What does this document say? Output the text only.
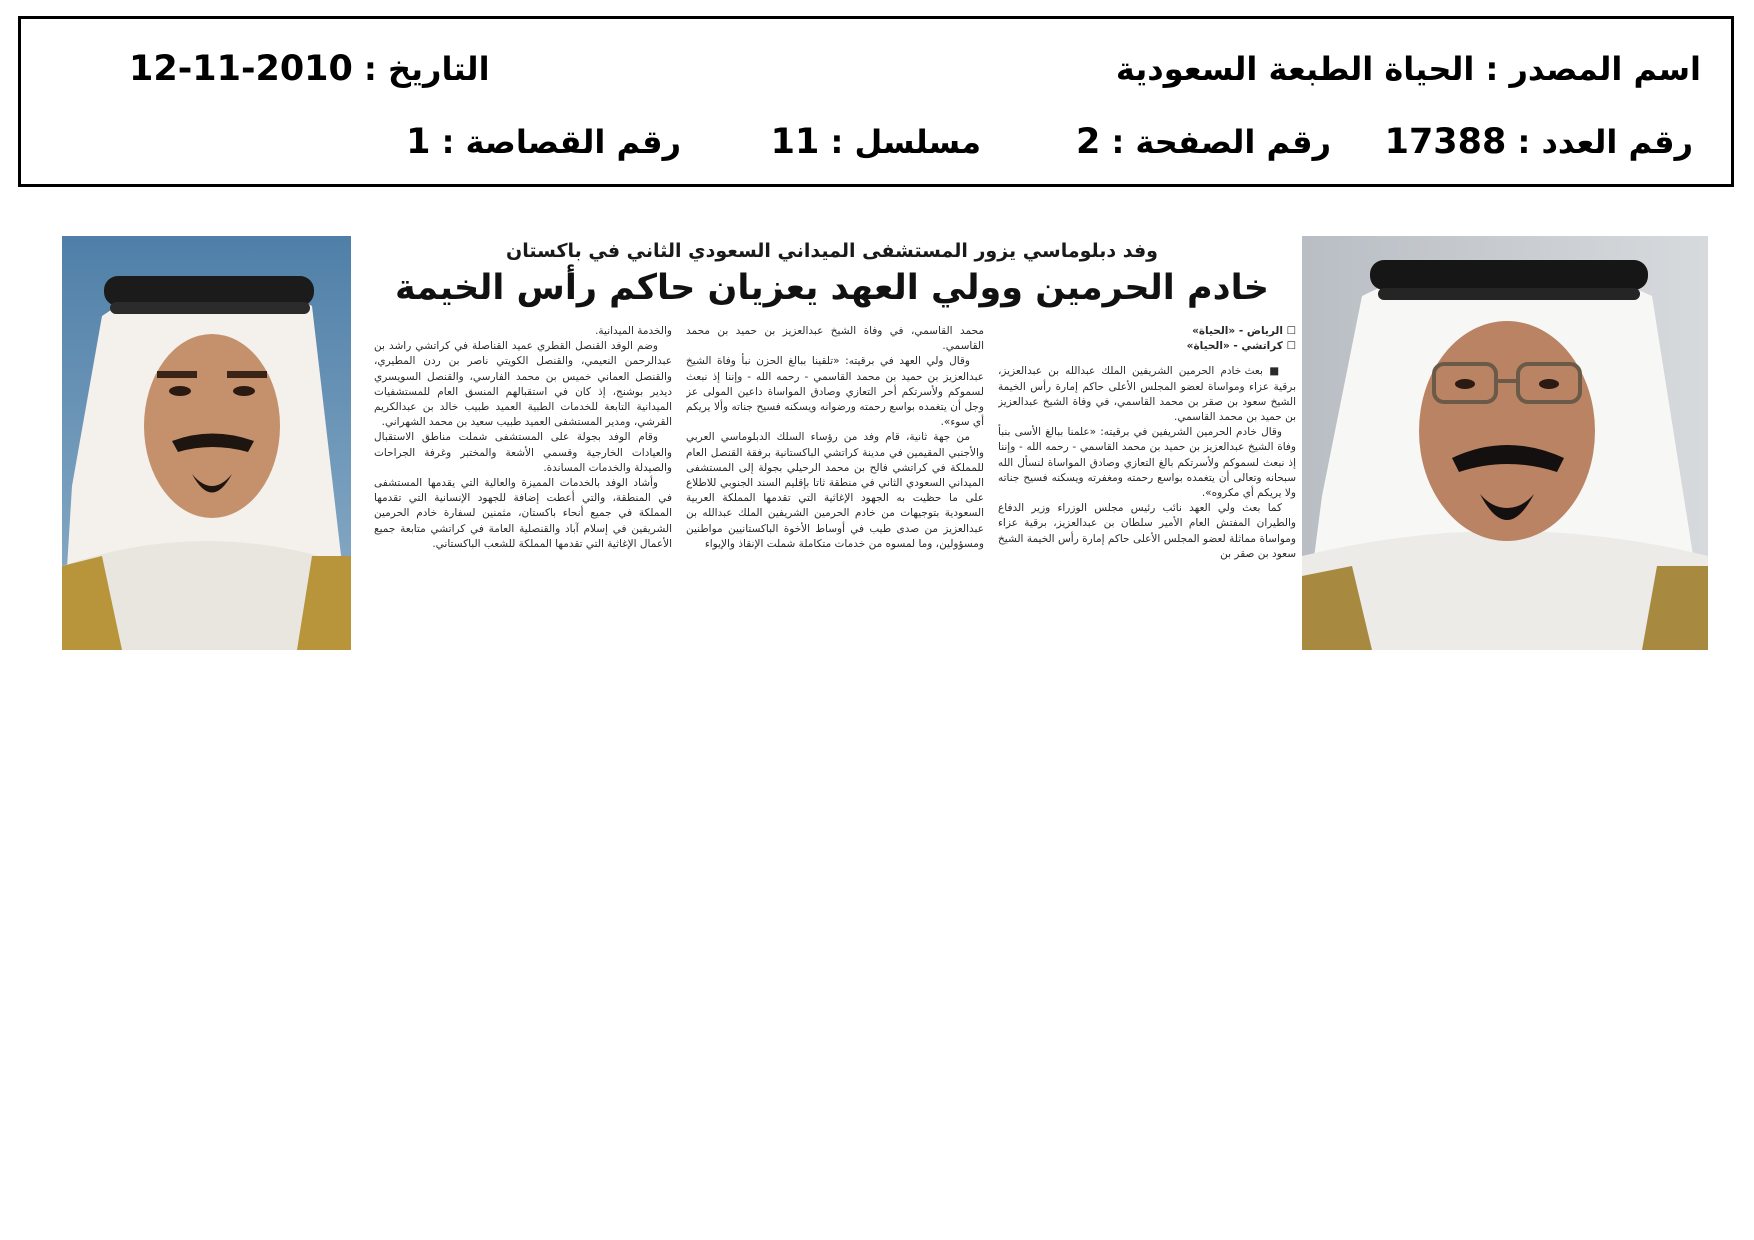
اسم المصدر : الحياة الطبعة السعودية
التاريخ : 12-11-2010
رقم العدد : 17388
رقم الصفحة : 2
مسلسل : 11
رقم القصاصة : 1
وفد دبلوماسي يزور المستشفى الميداني السعودي الثاني في باكستان
خادم الحرمين وولي العهد يعزيان حاكم رأس الخيمة

☐ الرياض - «الحياة»

☐ كراتشي - «الحياة»

■ بعث خادم الحرمين الشريفين الملك عبدالله بن عبدالعزيز، برقية عزاء ومواساة لعضو المجلس الأعلى حاكم إمارة رأس الخيمة الشيخ سعود بن صقر بن محمد القاسمي، في وفاة الشيخ عبدالعزيز بن حميد بن محمد القاسمي.

وقال خادم الحرمين الشريفين في برقيته: «علمنا ببالغ الأسى بنبأ وفاة الشيخ عبدالعزيز بن حميد بن محمد القاسمي - رحمه الله - وإننا إذ نبعث لسموكم ولأسرتكم بالغ التعازي وصادق المواساة لنسأل الله سبحانه وتعالى أن يتغمده بواسع رحمته ومغفرته ويسكنه فسيح جناته ولا يريكم أي مكروه».

كما بعث ولي العهد نائب رئيس مجلس الوزراء وزير الدفاع والطيران المفتش العام الأمير سلطان بن عبدالعزيز، برقية عزاء ومواساة مماثلة لعضو المجلس الأعلى حاكم إمارة رأس الخيمة الشيخ سعود بن صقر بن

محمد القاسمي، في وفاة الشيخ عبدالعزيز بن حميد بن محمد القاسمي.

وقال ولي العهد في برقيته: «تلقينا ببالغ الحزن نبأ وفاة الشيخ عبدالعزيز بن حميد بن محمد القاسمي - رحمه الله - وإننا إذ نبعث لسموكم ولأسرتكم أحر التعازي وصادق المواساة داعين المولى عز وجل أن يتغمده بواسع رحمته ورضوانه ويسكنه فسيح جناته وألا يريكم أي سوء».

من جهة ثانية، قام وفد من رؤساء السلك الدبلوماسي العربي والأجنبي المقيمين في مدينة كراتشي الباكستانية برفقة القنصل العام للمملكة في كراتشي فالح بن محمد الرحيلي بجولة إلى المستشفى الميداني السعودي الثاني في منطقة ثاتا بإقليم السند الجنوبي للاطلاع على ما حظيت به الجهود الإغاثية التي تقدمها المملكة العربية السعودية بتوجيهات من خادم الحرمين الشريفين الملك عبدالله بن عبدالعزيز من صدى طيب في أوساط الأخوة الباكستانيين مواطنين ومسؤولين، وما لمسوه من خدمات متكاملة شملت الإنقاذ والإيواء

والخدمة الميدانية.

وضم الوفد القنصل القطري عميد القناصلة في كراتشي راشد بن عبدالرحمن النعيمي، والقنصل الكويتي ناصر بن ردن المطيري، والقنصل العماني خميس بن محمد الفارسي، والقنصل السويسري ديدير بوشنج، إذ كان في استقبالهم المنسق العام للمستشفيات الميدانية التابعة للخدمات الطبية العميد طبيب خالد بن عبدالكريم القرشي، ومدير المستشفى العميد طبيب سعيد بن محمد الشهراني.

وقام الوفد بجولة على المستشفى شملت مناطق الاستقبال والعيادات الخارجية وقسمي الأشعة والمختبر وغرفة الجراحات والصيدلة والخدمات المساندة.

وأشاد الوفد بالخدمات المميزة والعالية التي يقدمها المستشفى في المنطقة، والتي أعطت إضافة للجهود الإنسانية التي تقدمها المملكة في جميع أنحاء باكستان، مثمنين لسفارة خادم الحرمين الشريفين في إسلام آباد والقنصلية العامة في كراتشي متابعة جميع الأعمال الإغاثية التي تقدمها المملكة للشعب الباكستاني.
